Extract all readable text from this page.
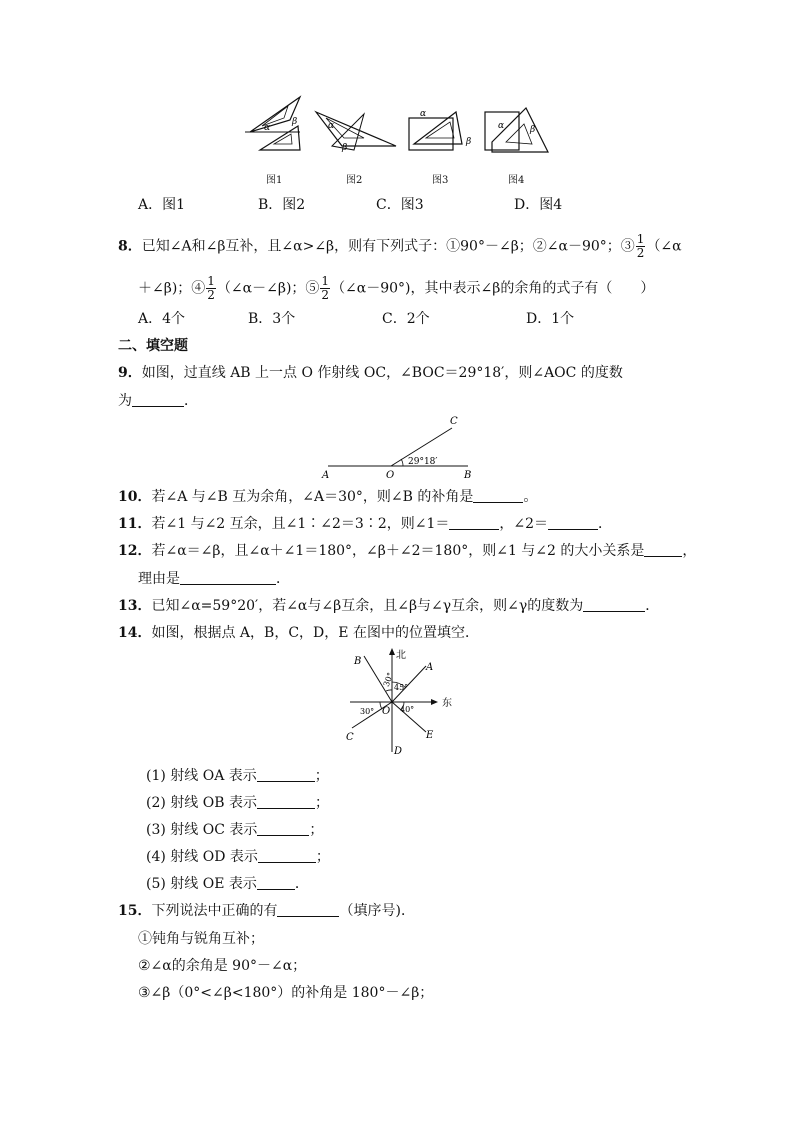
α
β	α
β
α
β
α	β
图1	图2	图3	图4
A．图1	B．图2	C．图3	D．图4
8．已知∠A和∠β互补，且∠α>∠β，则有下列式子：①90°－∠β；②∠α－90°；③ $\frac{1}{2}$ （∠α
＋∠β)；④ $\frac{1}{2}$ （∠α－∠β)；⑤ $\frac{1}{2}$ （∠α－90°)，其中表示∠β的余角的式子有（　　）
A．4个	B．3个	C．2个	D．1个
二、填空题
9．如图，过直线 AB 上一点 O 作射线 OC，∠BOC＝29°18′，则∠AOC 的度数
为	．
A	O	B
C
29°18′
10．若∠A 与∠B 互为余角，∠A＝30°，则∠B 的补角是	。
11．若∠1 与∠2 互余，且∠1∶∠2＝3∶2，则∠1＝	，∠2＝	．
12．若∠α＝∠β，且∠α＋∠1＝180°，∠β＋∠2＝180°，则∠1 与∠2 的大小关系是	，
理由是	．
13．已知∠α=59°20′，若∠α与∠β互余，且∠β与∠γ互余，则∠γ的度数为	．
14．如图，根据点 A，B，C，D，E 在图中的位置填空．
北
东
A
B
C
D
E
O
30°
45°
30°	40°
(1) 射线 OA 表示	；
(2) 射线 OB 表示	；
(3) 射线 OC 表示	；
(4) 射线 OD 表示	；
(5) 射线 OE 表示	．
15．下列说法中正确的有	（填序号)．
①钝角与锐角互补；
②∠α的余角是 90°－∠α；
③∠β（0°<∠β<180°）的补角是 180°－∠β；
